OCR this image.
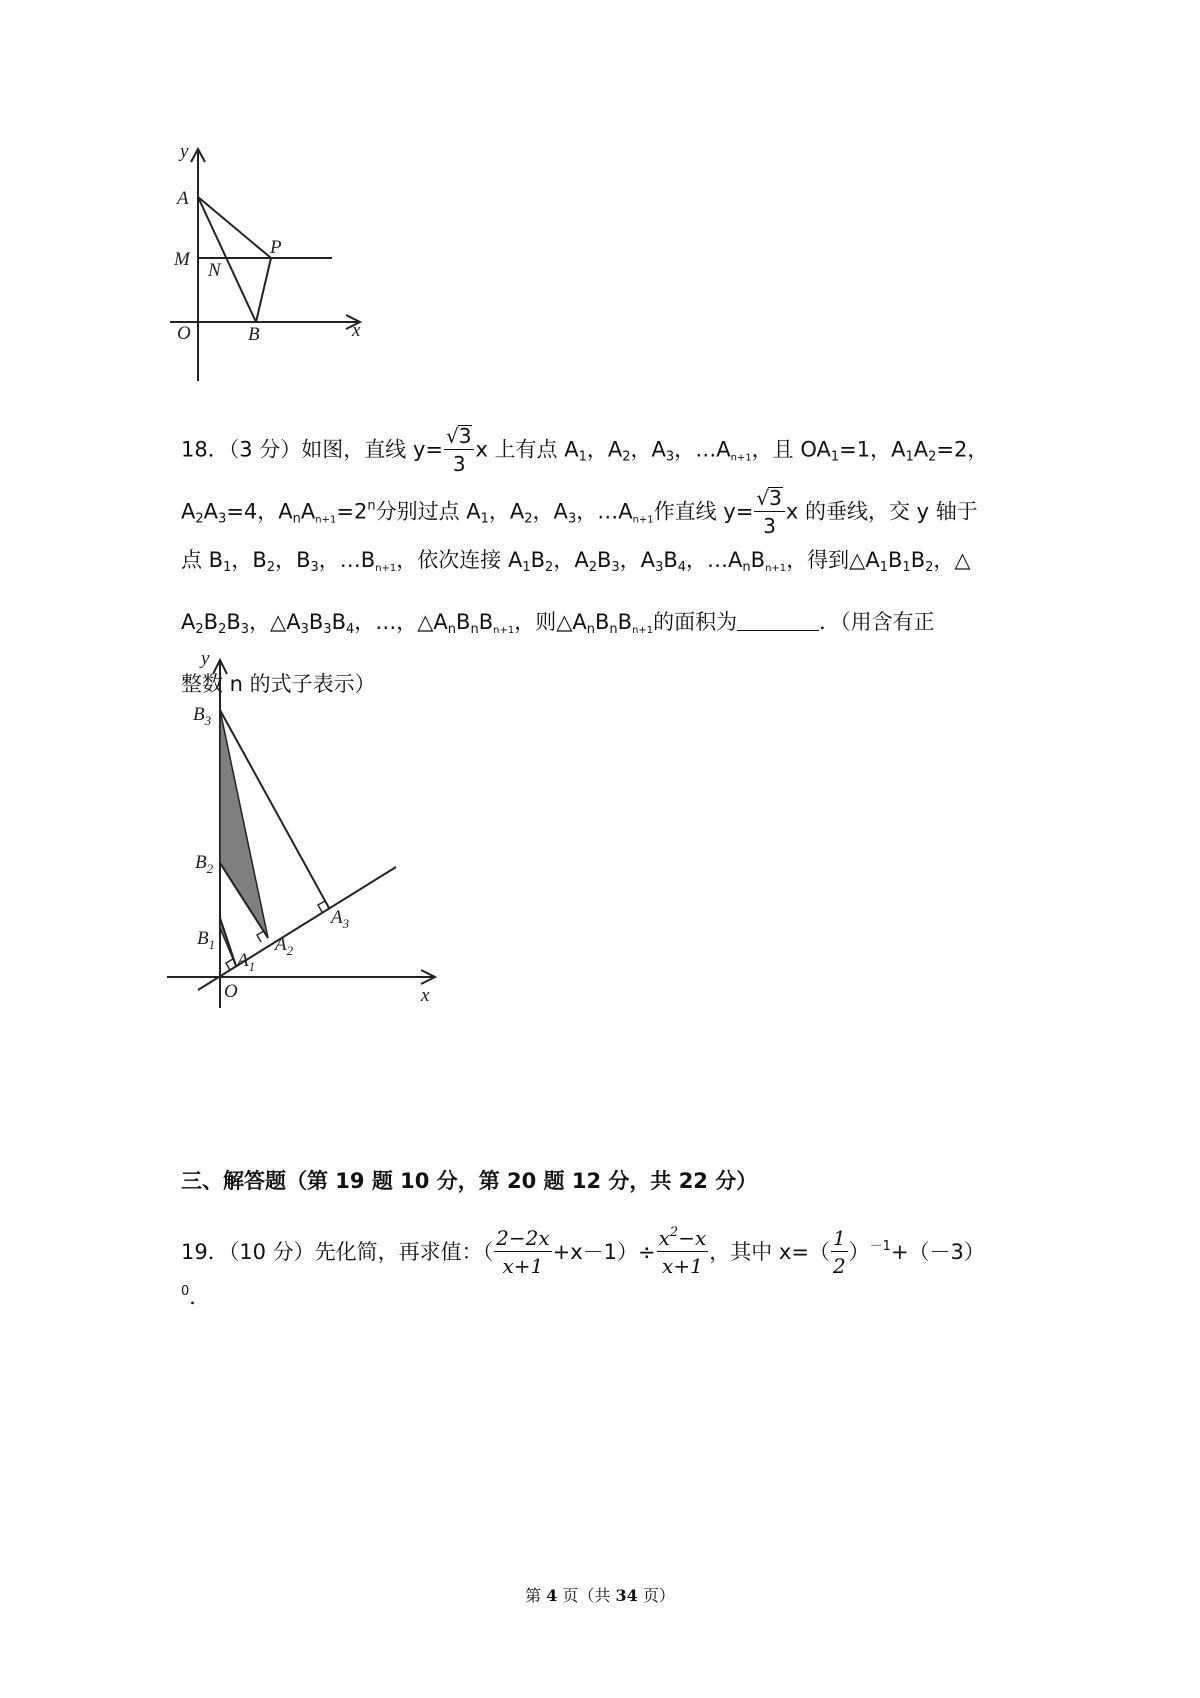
y
A
M
N
P
O	B	x
18．（3 分）如图，直线 $y= \frac{√3}{3}$ x 上有点 $A_1$，$A_2$，$A_3$，$\dots A_{n+1}$，且 $OA_1=1$，$A_1A_2=2$，
$A_2A_3=4$，$A_nA_{n+1}=2^n$分别过点 $A_1$，$A_2$，$A_3$，$\dots A_{n+1}$作直线 $y= \frac{√3}{3}$ x 的垂线，交 y 轴于
点 $B_1$，$B_2$，$B_3$，$\dots B_{n+1}$，依次连接 $A_1B_2$，$A_2B_3$，$A_3B_4$，$\dots A_nB_{n+1}$，得到$\triangle A_1B_1B_2$，△
$A_2B_2B_3$，$\triangle A_3B_3B_4$，…，$\triangle A_nB_nB_{n+1}$，则$\triangle A_nB_nB_{n+1}$的面积为	．（用含有正
整数 n 的式子表示）
y
$B_3$
$B_2$
$B_1$
$A_1$
$A_2$
$A_3$
O	x
三、解答题（第 19 题 10 分，第 20 题 12 分，共 22 分）
19．（10 分）先化简，再求值：（ $\frac{\text{2−2𝑥}}{\text{𝑥+1}} +x-1)\div \frac{𝑥^2-𝑥}{\text{𝑥+1}}$ ，其中 $x=( \frac{1}{2} )^{-1}+(-3)$
$^0$．
第 4 页（共 34 页）
